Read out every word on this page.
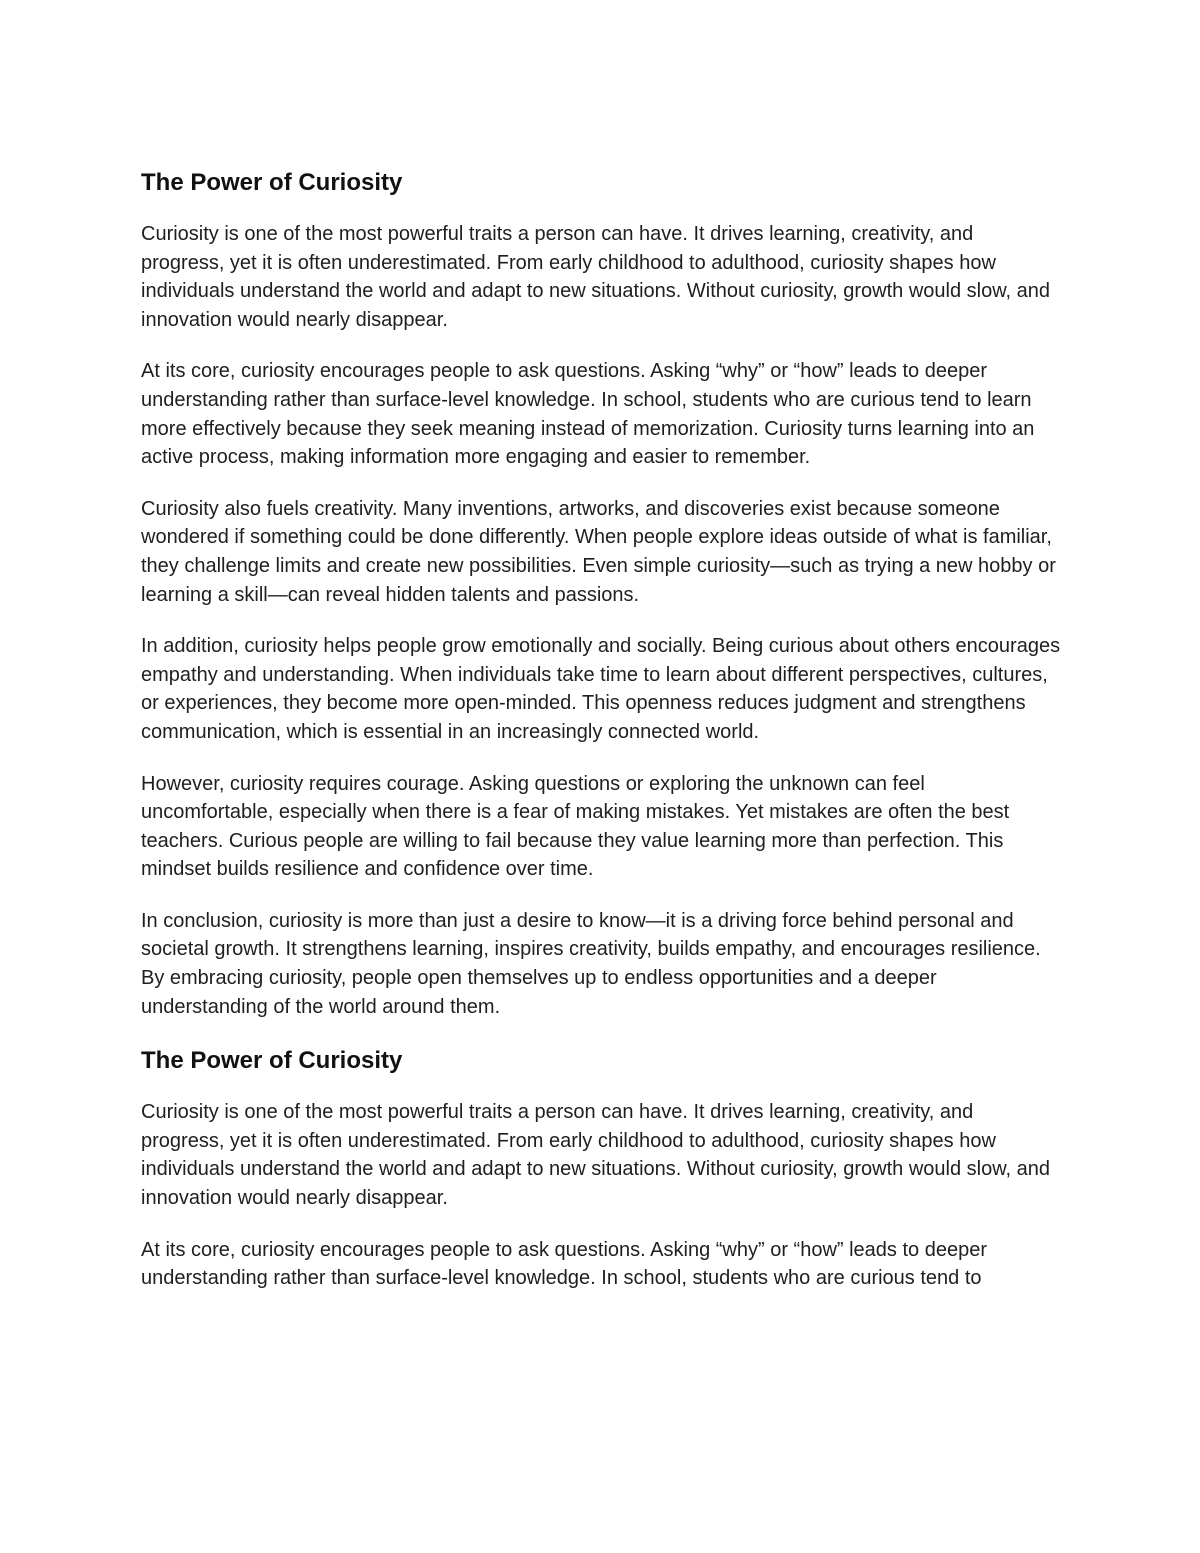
The Power of Curiosity

Curiosity is one of the most powerful traits a person can have. It drives learning, creativity, and progress, yet it is often underestimated. From early childhood to adulthood, curiosity shapes how individuals understand the world and adapt to new situations. Without curiosity, growth would slow, and innovation would nearly disappear.

At its core, curiosity encourages people to ask questions. Asking “why” or “how” leads to deeper understanding rather than surface-level knowledge. In school, students who are curious tend to learn more effectively because they seek meaning instead of memorization. Curiosity turns learning into an active process, making information more engaging and easier to remember.

Curiosity also fuels creativity. Many inventions, artworks, and discoveries exist because someone wondered if something could be done differently. When people explore ideas outside of what is familiar, they challenge limits and create new possibilities. Even simple curiosity—such as trying a new hobby or learning a skill—can reveal hidden talents and passions.

In addition, curiosity helps people grow emotionally and socially. Being curious about others encourages empathy and understanding. When individuals take time to learn about different perspectives, cultures, or experiences, they become more open-minded. This openness reduces judgment and strengthens communication, which is essential in an increasingly connected world.

However, curiosity requires courage. Asking questions or exploring the unknown can feel uncomfortable, especially when there is a fear of making mistakes. Yet mistakes are often the best teachers. Curious people are willing to fail because they value learning more than perfection. This mindset builds resilience and confidence over time.

In conclusion, curiosity is more than just a desire to know—it is a driving force behind personal and societal growth. It strengthens learning, inspires creativity, builds empathy, and encourages resilience. By embracing curiosity, people open themselves up to endless opportunities and a deeper understanding of the world around them.

The Power of Curiosity

Curiosity is one of the most powerful traits a person can have. It drives learning, creativity, and progress, yet it is often underestimated. From early childhood to adulthood, curiosity shapes how individuals understand the world and adapt to new situations. Without curiosity, growth would slow, and innovation would nearly disappear.

At its core, curiosity encourages people to ask questions. Asking “why” or “how” leads to deeper understanding rather than surface-level knowledge. In school, students who are curious tend to
